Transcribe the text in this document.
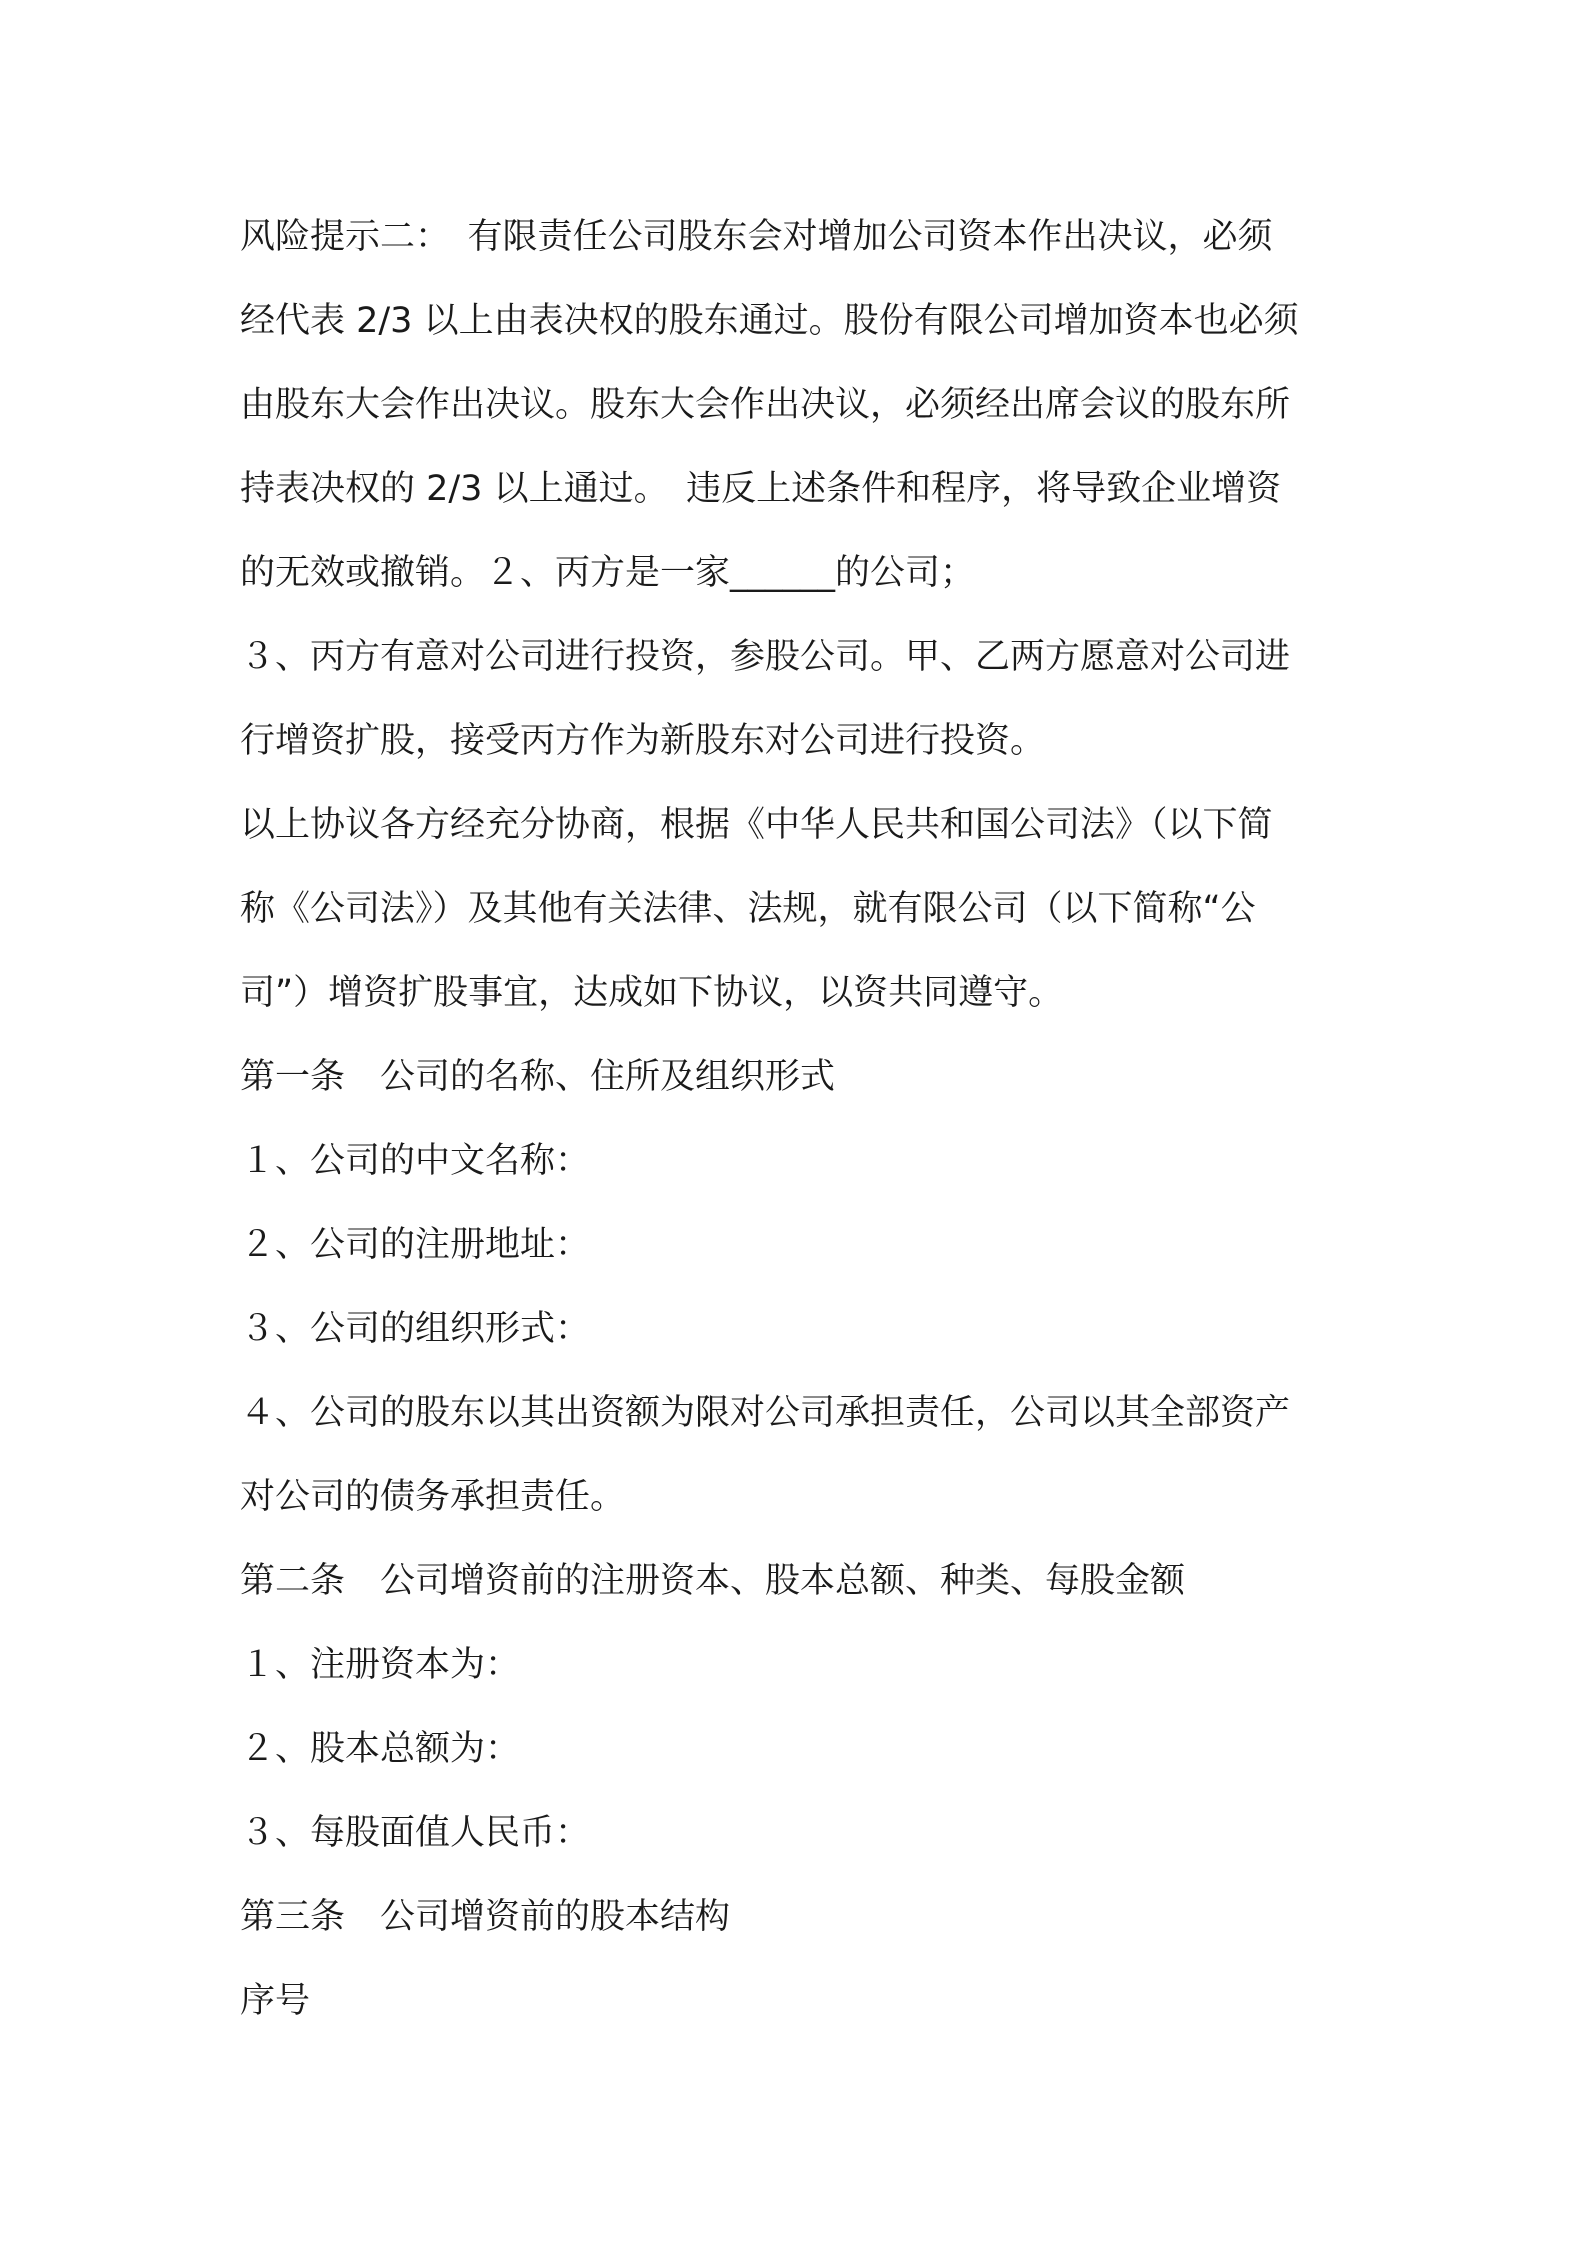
风险提示二：　有限责任公司股东会对增加公司资本作出决议，必须
经代表 2/3 以上由表决权的股东通过。股份有限公司增加资本也必须
由股东大会作出决议。股东大会作出决议，必须经出席会议的股东所
持表决权的 2/3 以上通过。　违反上述条件和程序，将导致企业增资
的无效或撤销。２、丙方是一家______的公司；
３、丙方有意对公司进行投资，参股公司。甲、乙两方愿意对公司进
行增资扩股，接受丙方作为新股东对公司进行投资。
以上协议各方经充分协商，根据《中华人民共和国公司法》（以下简
称《公司法》）及其他有关法律、法规，就有限公司（以下简称“公
司”）增资扩股事宜，达成如下协议，以资共同遵守。
第一条　公司的名称、住所及组织形式
１、公司的中文名称：
２、公司的注册地址：
３、公司的组织形式：
４、公司的股东以其出资额为限对公司承担责任，公司以其全部资产
对公司的债务承担责任。
第二条　公司增资前的注册资本、股本总额、种类、每股金额
１、注册资本为：
２、股本总额为：
３、每股面值人民币：
第三条　公司增资前的股本结构
序号
